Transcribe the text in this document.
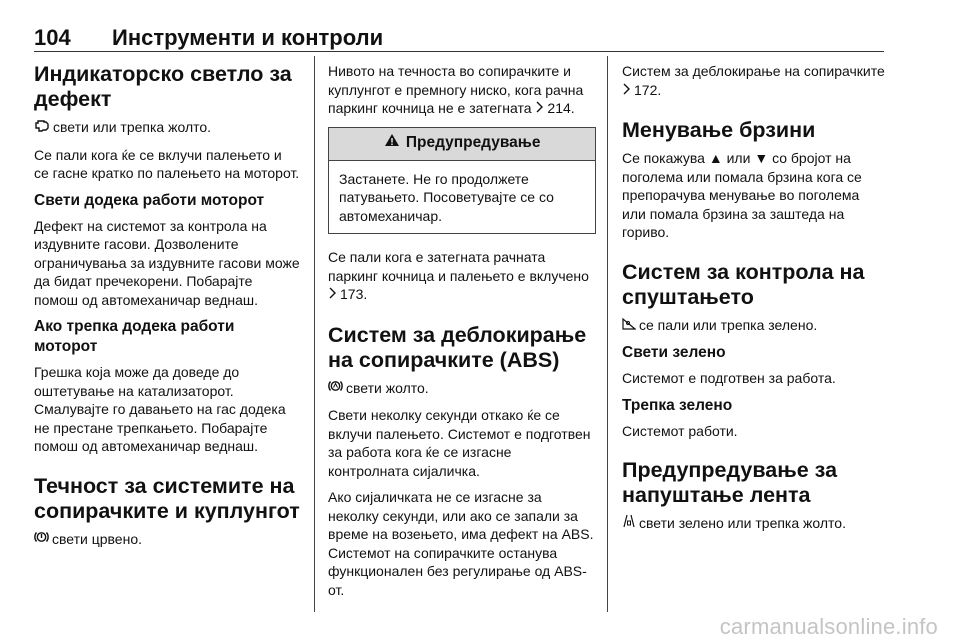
104 Инструменти и контроли
Индикаторско светло за дефект

свети или трепка жолто.

Се пали кога ќе се вклучи палењето и се гасне кратко по палењето на моторот.

Свети додека работи моторот

Дефект на системот за контрола на издувните гасови. Дозволените ограничувања за издувните гасови може да бидат пречекорени. Побарајте помош од автомеханичар веднаш.

Ако трепка додека работи моторот

Грешка која може да доведе до оштетување на катализаторот. Смалувајте го давањето на гас додека не престане трепкањето. Побарајте помош од автомеханичар веднаш.

Течност за системите на сопирачките и куплунгот

свети црвено.

Нивото на течноста во сопирачките и куплунгот е премногу ниско, кога рачна паркинг кочница не е затегната 214.

Предупредување

Застанете. Не го продолжете патувањето. Посоветувајте се со автомеханичар.

Се пали кога е затегната рачната паркинг кочница и палењето е вклучено 173.

Систем за деблокирање на сопирачките (ABS)

свети жолто.

Свети неколку секунди откако ќе се вклучи палењето. Системот е подготвен за работа кога ќе се изгасне контролната сијаличка.

Ако сијаличката не се изгасне за неколку секунди, или ако се запали за време на возењето, има дефект на ABS. Системот на сопирачките останува функционален без регулирање од ABS-от.

Систем за деблокирање на сопирачките 172.

Менување брзини

Се покажува ▲ или ▼ со бројот на поголема или помала брзина кога се препорачува менување во поголема или помала брзина за заштеда на гориво.

Систем за контрола на спуштањето

се пали или трепка зелено.

Свети зелено

Системот е подготвен за работа.

Трепка зелено

Системот работи.

Предупредување за напуштање лента

свети зелено или трепка жолто.

carmanualsonline.info
